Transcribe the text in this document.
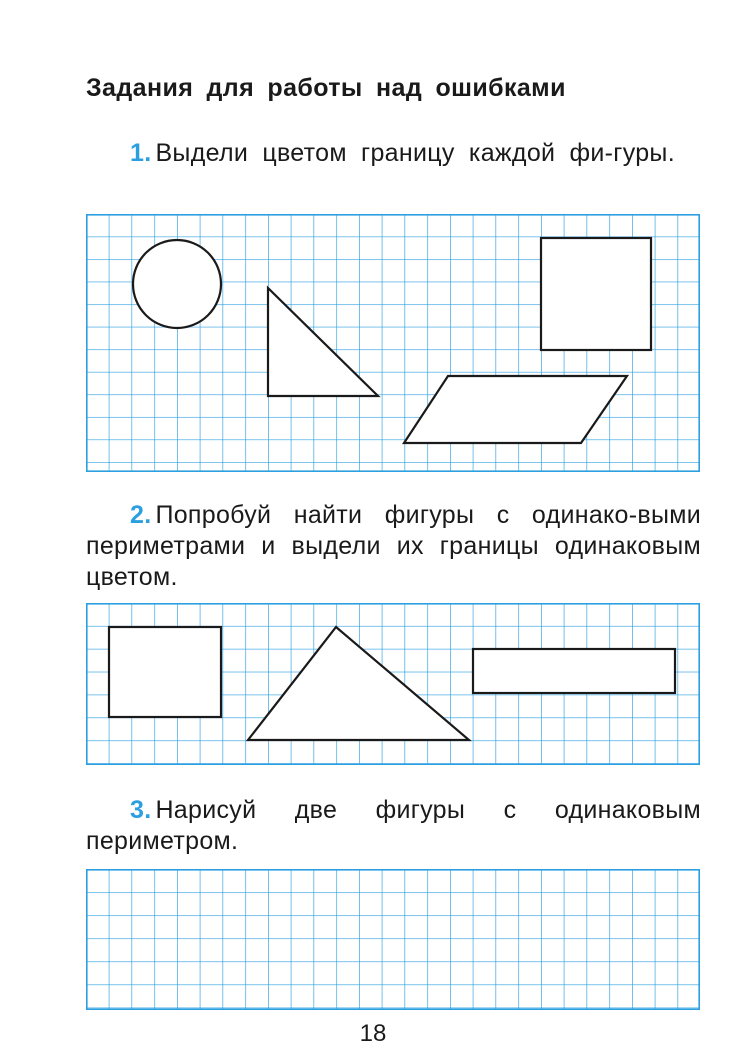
Задания для работы над ошибками

1. Выдели цветом границу каждой фи-гуры.

2. Попробуй найти фигуры с одинако-выми периметрами и выдели их границы одинаковым цветом.

3. Нарисуй две фигуры с одинаковым периметром.

18
